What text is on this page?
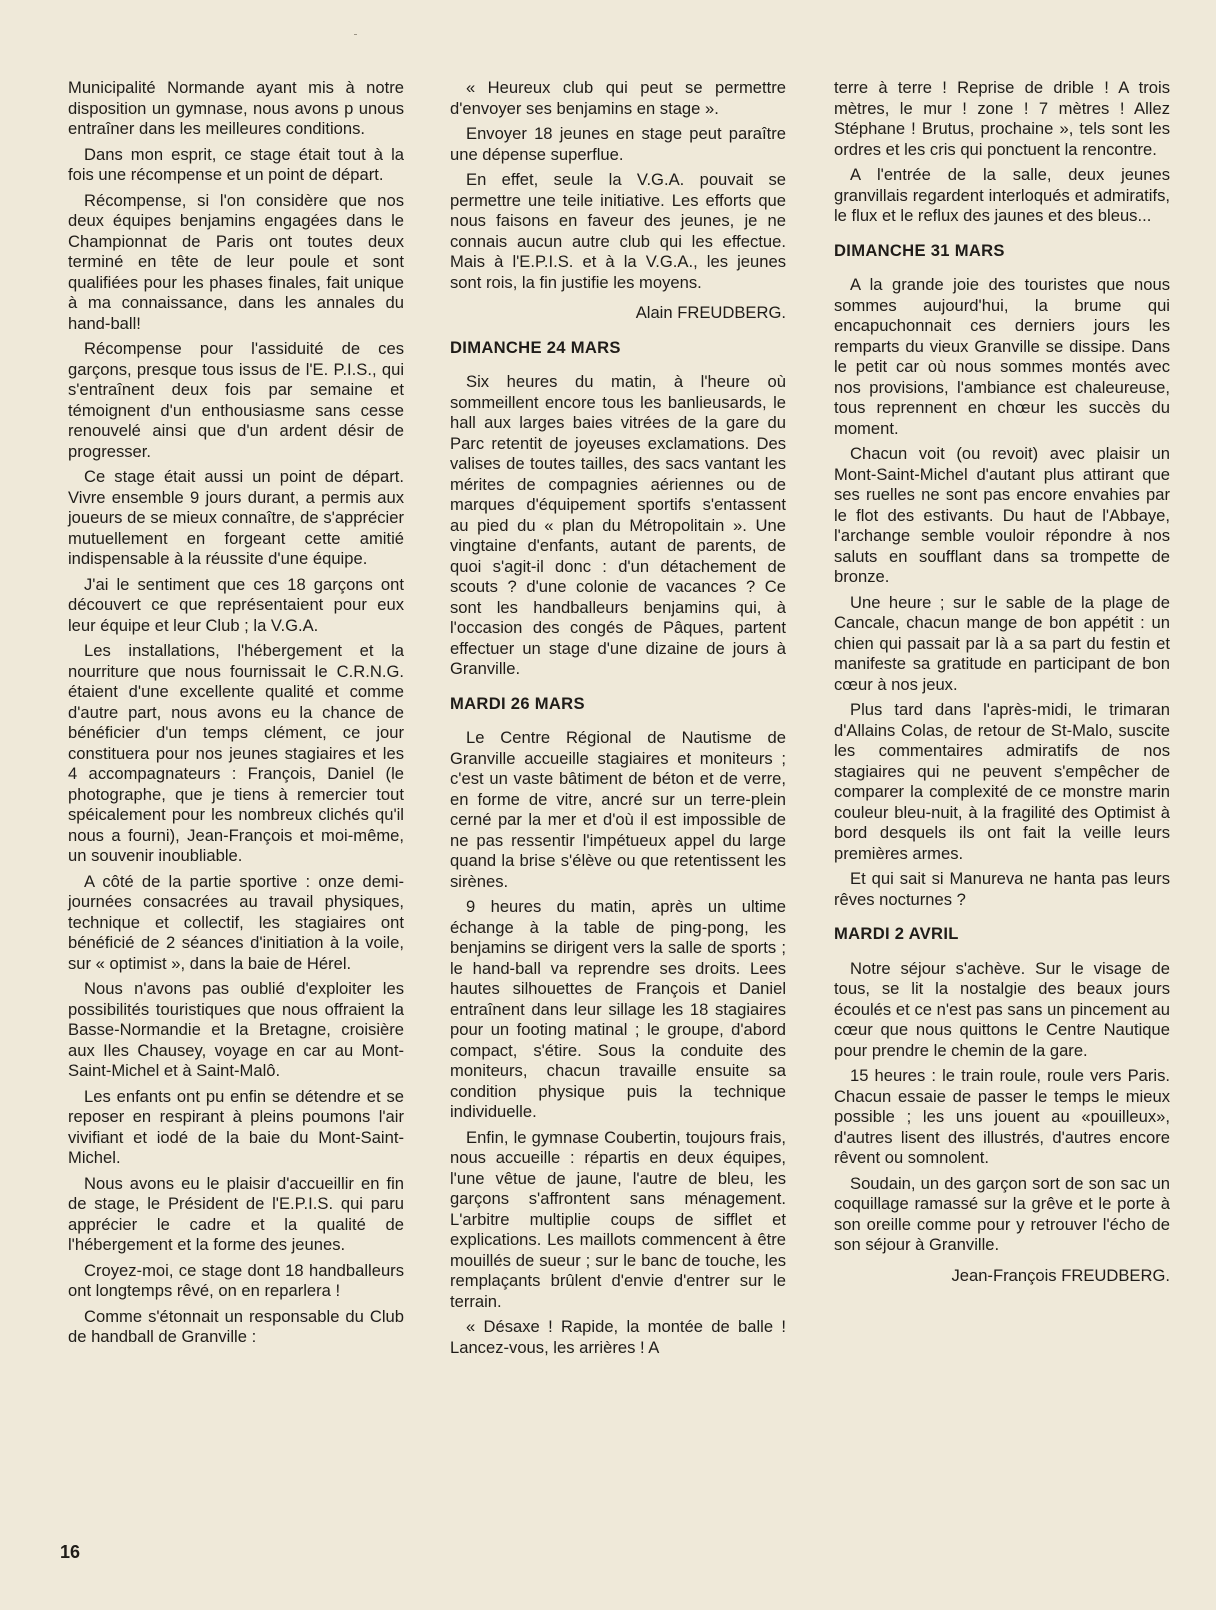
Municipalité Normande ayant mis à notre disposition un gymnase, nous avons p unous entraîner dans les meilleures conditions.

Dans mon esprit, ce stage était tout à la fois une récompense et un point de départ.

Récompense, si l'on considère que nos deux équipes benjamins engagées dans le Championnat de Paris ont toutes deux terminé en tête de leur poule et sont qualifiées pour les phases finales, fait unique à ma connaissance, dans les annales du hand-ball!

Récompense pour l'assiduité de ces garçons, presque tous issus de l'E. P.I.S., qui s'entraînent deux fois par semaine et témoignent d'un enthousiasme sans cesse renouvelé ainsi que d'un ardent désir de progresser.

Ce stage était aussi un point de départ. Vivre ensemble 9 jours durant, a permis aux joueurs de se mieux connaître, de s'apprécier mutuellement en forgeant cette amitié indispensable à la réussite d'une équipe.

J'ai le sentiment que ces 18 garçons ont découvert ce que représentaient pour eux leur équipe et leur Club ; la V.G.A.

Les installations, l'hébergement et la nourriture que nous fournissait le C.R.N.G. étaient d'une excellente qualité et comme d'autre part, nous avons eu la chance de bénéficier d'un temps clément, ce jour constituera pour nos jeunes stagiaires et les 4 accompagnateurs : François, Daniel (le photographe, que je tiens à remercier tout spéicalement pour les nombreux clichés qu'il nous a fourni), Jean-François et moi-même, un souvenir inoubliable.

A côté de la partie sportive : onze demi-journées consacrées au travail physiques, technique et collectif, les stagiaires ont bénéficié de 2 séances d'initiation à la voile, sur « optimist », dans la baie de Hérel.

Nous n'avons pas oublié d'exploiter les possibilités touristiques que nous offraient la Basse-Normandie et la Bretagne, croisière aux Iles Chausey, voyage en car au Mont-Saint-Michel et à Saint-Malô.

Les enfants ont pu enfin se détendre et se reposer en respirant à pleins poumons l'air vivifiant et iodé de la baie du Mont-Saint-Michel.

Nous avons eu le plaisir d'accueillir en fin de stage, le Président de l'E.P.I.S. qui paru apprécier le cadre et la qualité de l'hébergement et la forme des jeunes.

Croyez-moi, ce stage dont 18 handballeurs ont longtemps rêvé, on en reparlera !

Comme s'étonnait un responsable du Club de handball de Granville :

« Heureux club qui peut se permettre d'envoyer ses benjamins en stage ».

Envoyer 18 jeunes en stage peut paraître une dépense superflue.

En effet, seule la V.G.A. pouvait se permettre une teile initiative. Les efforts que nous faisons en faveur des jeunes, je ne connais aucun autre club qui les effectue. Mais à l'E.P.I.S. et à la V.G.A., les jeunes sont rois, la fin justifie les moyens.

Alain FREUDBERG.

DIMANCHE 24 MARS

Six heures du matin, à l'heure où sommeillent encore tous les banlieusards, le hall aux larges baies vitrées de la gare du Parc retentit de joyeuses exclamations. Des valises de toutes tailles, des sacs vantant les mérites de compagnies aériennes ou de marques d'équipement sportifs s'entassent au pied du « plan du Métropolitain ». Une vingtaine d'enfants, autant de parents, de quoi s'agit-il donc : d'un détachement de scouts ? d'une colonie de vacances ? Ce sont les handballeurs benjamins qui, à l'occasion des congés de Pâques, partent effectuer un stage d'une dizaine de jours à Granville.

MARDI 26 MARS

Le Centre Régional de Nautisme de Granville accueille stagiaires et moniteurs ; c'est un vaste bâtiment de béton et de verre, en forme de vitre, ancré sur un terre-plein cerné par la mer et d'où il est impossible de ne pas ressentir l'impétueux appel du large quand la brise s'élève ou que retentissent les sirènes.

9 heures du matin, après un ultime échange à la table de ping-pong, les benjamins se dirigent vers la salle de sports ; le hand-ball va reprendre ses droits. Lees hautes silhouettes de François et Daniel entraînent dans leur sillage les 18 stagiaires pour un footing matinal ; le groupe, d'abord compact, s'étire. Sous la conduite des moniteurs, chacun travaille ensuite sa condition physique puis la technique individuelle.

Enfin, le gymnase Coubertin, toujours frais, nous accueille : répartis en deux équipes, l'une vêtue de jaune, l'autre de bleu, les garçons s'affrontent sans ménagement. L'arbitre multiplie coups de sifflet et explications. Les maillots commencent à être mouillés de sueur ; sur le banc de touche, les remplaçants brûlent d'envie d'entrer sur le terrain.

« Désaxe ! Rapide, la montée de balle ! Lancez-vous, les arrières ! A

terre à terre ! Reprise de drible ! A trois mètres, le mur ! zone ! 7 mètres ! Allez Stéphane ! Brutus, prochaine », tels sont les ordres et les cris qui ponctuent la rencontre.

A l'entrée de la salle, deux jeunes granvillais regardent interloqués et admiratifs, le flux et le reflux des jaunes et des bleus...

DIMANCHE 31 MARS

A la grande joie des touristes que nous sommes aujourd'hui, la brume qui encapuchonnait ces derniers jours les remparts du vieux Granville se dissipe. Dans le petit car où nous sommes montés avec nos provisions, l'ambiance est chaleureuse, tous reprennent en chœur les succès du moment.

Chacun voit (ou revoit) avec plaisir un Mont-Saint-Michel d'autant plus attirant que ses ruelles ne sont pas encore envahies par le flot des estivants. Du haut de l'Abbaye, l'archange semble vouloir répondre à nos saluts en soufflant dans sa trompette de bronze.

Une heure ; sur le sable de la plage de Cancale, chacun mange de bon appétit : un chien qui passait par là a sa part du festin et manifeste sa gratitude en participant de bon cœur à nos jeux.

Plus tard dans l'après-midi, le trimaran d'Allains Colas, de retour de St-Malo, suscite les commentaires admiratifs de nos stagiaires qui ne peuvent s'empêcher de comparer la complexité de ce monstre marin couleur bleu-nuit, à la fragilité des Optimist à bord desquels ils ont fait la veille leurs premières armes.

Et qui sait si Manureva ne hanta pas leurs rêves nocturnes ?

MARDI 2 AVRIL

Notre séjour s'achève. Sur le visage de tous, se lit la nostalgie des beaux jours écoulés et ce n'est pas sans un pincement au cœur que nous quittons le Centre Nautique pour prendre le chemin de la gare.

15 heures : le train roule, roule vers Paris. Chacun essaie de passer le temps le mieux possible ; les uns jouent au «pouilleux», d'autres lisent des illustrés, d'autres encore rêvent ou somnolent.

Soudain, un des garçon sort de son sac un coquillage ramassé sur la grêve et le porte à son oreille comme pour y retrouver l'écho de son séjour à Granville.

Jean-François FREUDBERG.

16
